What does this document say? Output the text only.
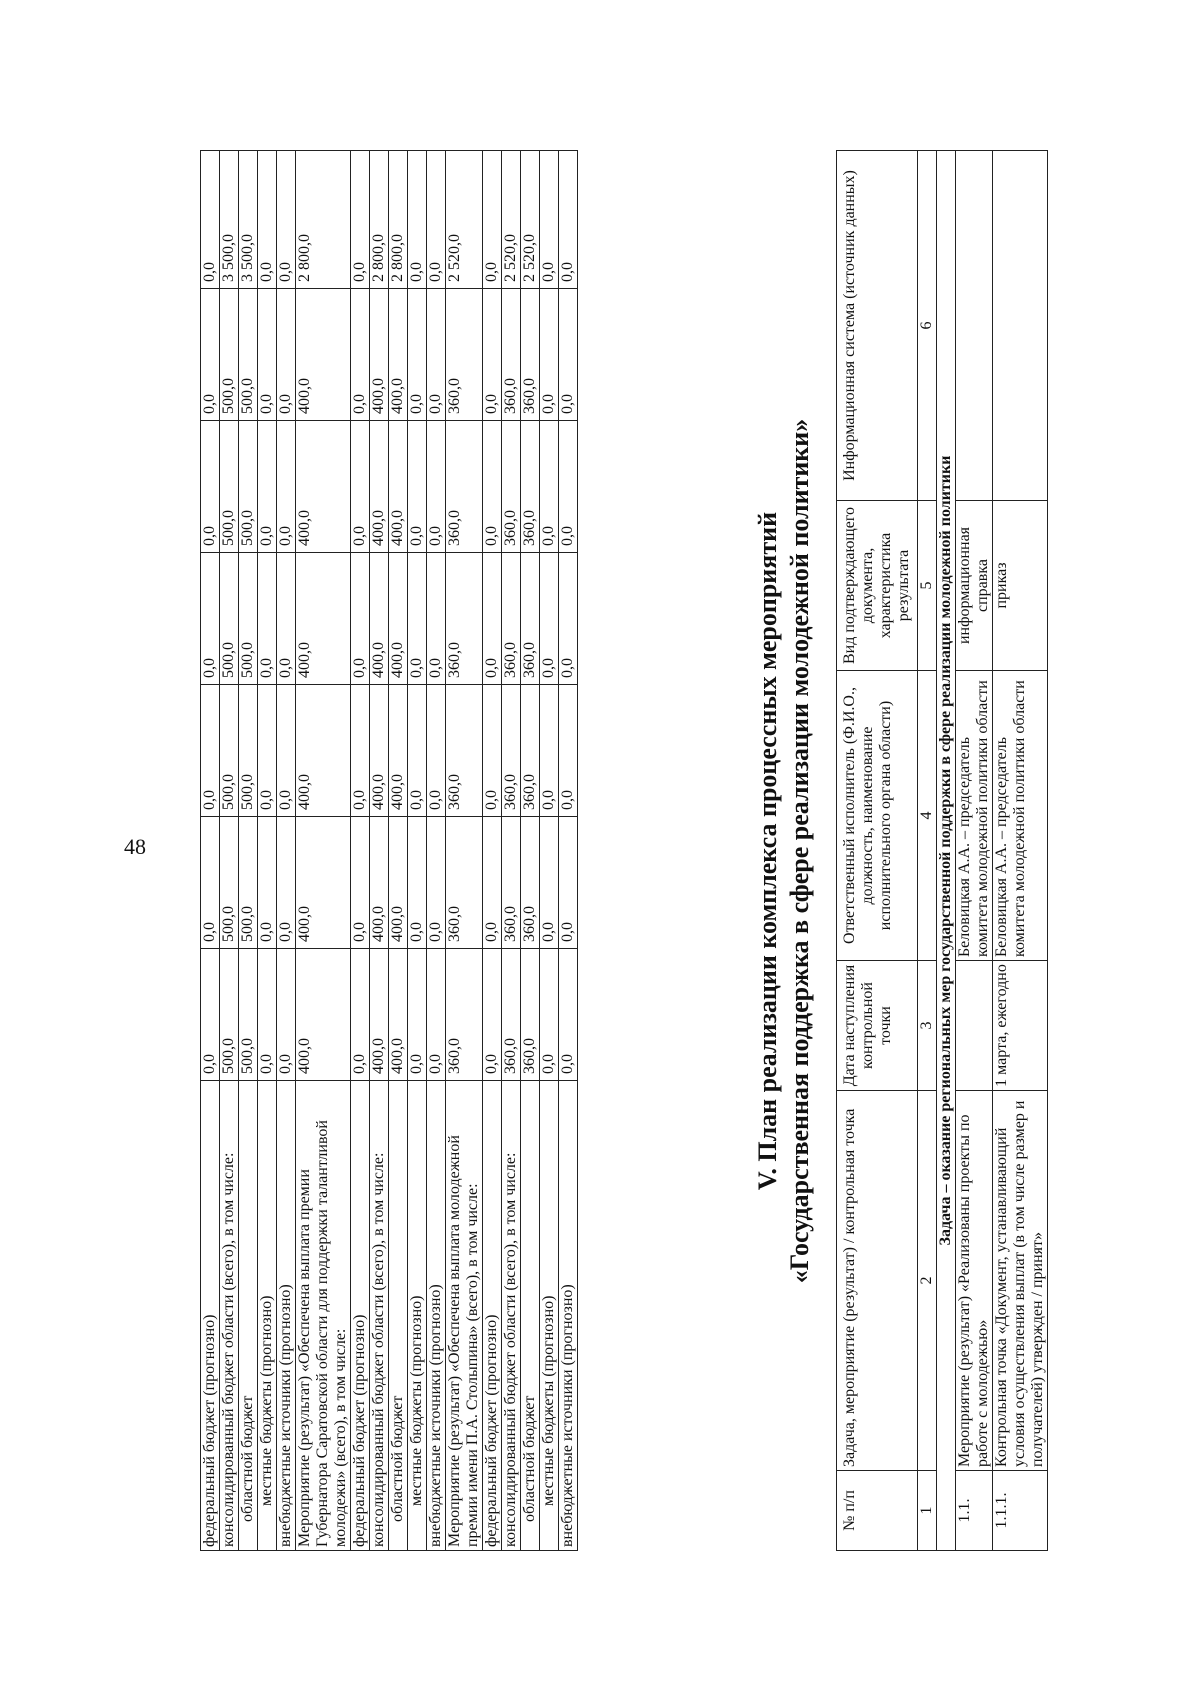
48
федеральный бюджет (прогнозно)	0,0	0,0	0,0	0,0	0,0	0,0	0,0
консолидированный бюджет области (всего), в том числе:	500,0	500,0	500,0	500,0	500,0	500,0	3 500,0
областной бюджет	500,0	500,0	500,0	500,0	500,0	500,0	3 500,0
местные бюджеты (прогнозно)	0,0	0,0	0,0	0,0	0,0	0,0	0,0
внебюджетные источники (прогнозно)	0,0	0,0	0,0	0,0	0,0	0,0	0,0
Мероприятие (результат) «Обеспечена выплата премии Губернатора Саратовской области для поддержки талантливой молодежи» (всего), в том числе:	400,0	400,0	400,0	400,0	400,0	400,0	2 800,0
федеральный бюджет (прогнозно)	0,0	0,0	0,0	0,0	0,0	0,0	0,0
консолидированный бюджет области (всего), в том числе:	400,0	400,0	400,0	400,0	400,0	400,0	2 800,0
областной бюджет	400,0	400,0	400,0	400,0	400,0	400,0	2 800,0
местные бюджеты (прогнозно)	0,0	0,0	0,0	0,0	0,0	0,0	0,0
внебюджетные источники (прогнозно)	0,0	0,0	0,0	0,0	0,0	0,0	0,0
Мероприятие (результат) «Обеспечена выплата молодежной премии имени П.А. Столыпина» (всего), в том числе:	360,0	360,0	360,0	360,0	360,0	360,0	2 520,0
федеральный бюджет (прогнозно)	0,0	0,0	0,0	0,0	0,0	0,0	0,0
консолидированный бюджет области (всего), в том числе:	360,0	360,0	360,0	360,0	360,0	360,0	2 520,0
областной бюджет	360,0	360,0	360,0	360,0	360,0	360,0	2 520,0
местные бюджеты (прогнозно)	0,0	0,0	0,0	0,0	0,0	0,0	0,0
внебюджетные источники (прогнозно)	0,0	0,0	0,0	0,0	0,0	0,0	0,0
V. План реализации комплекса процессных мероприятий «Государственная поддержка в сфере реализации молодежной политики»
№ п/п	Задача, мероприятие (результат) / контрольная точка	Дата наступления контрольной точки	Ответственный исполнитель (Ф.И.О., должность, наименование исполнительного органа области)	Вид подтверждающего документа, характеристика результата	Информационная система (источник данных)
1	2	3	4	5	6
Задача – оказание региональных мер государственной поддержки в сфере реализации молодежной политики					
1.1.	Мероприятие (результат) «Реализованы проекты по работе с молодежью»		Беловицкая А.А. – председатель комитета молодежной политики области	информационная справка	
1.1.1.	Контрольная точка «Документ, устанавливающий условия осуществления выплат (в том числе размер и получателей) утвержден / принят»	1 марта, ежегодно	Беловицкая А.А. – председатель комитета молодежной политики области	приказ	
